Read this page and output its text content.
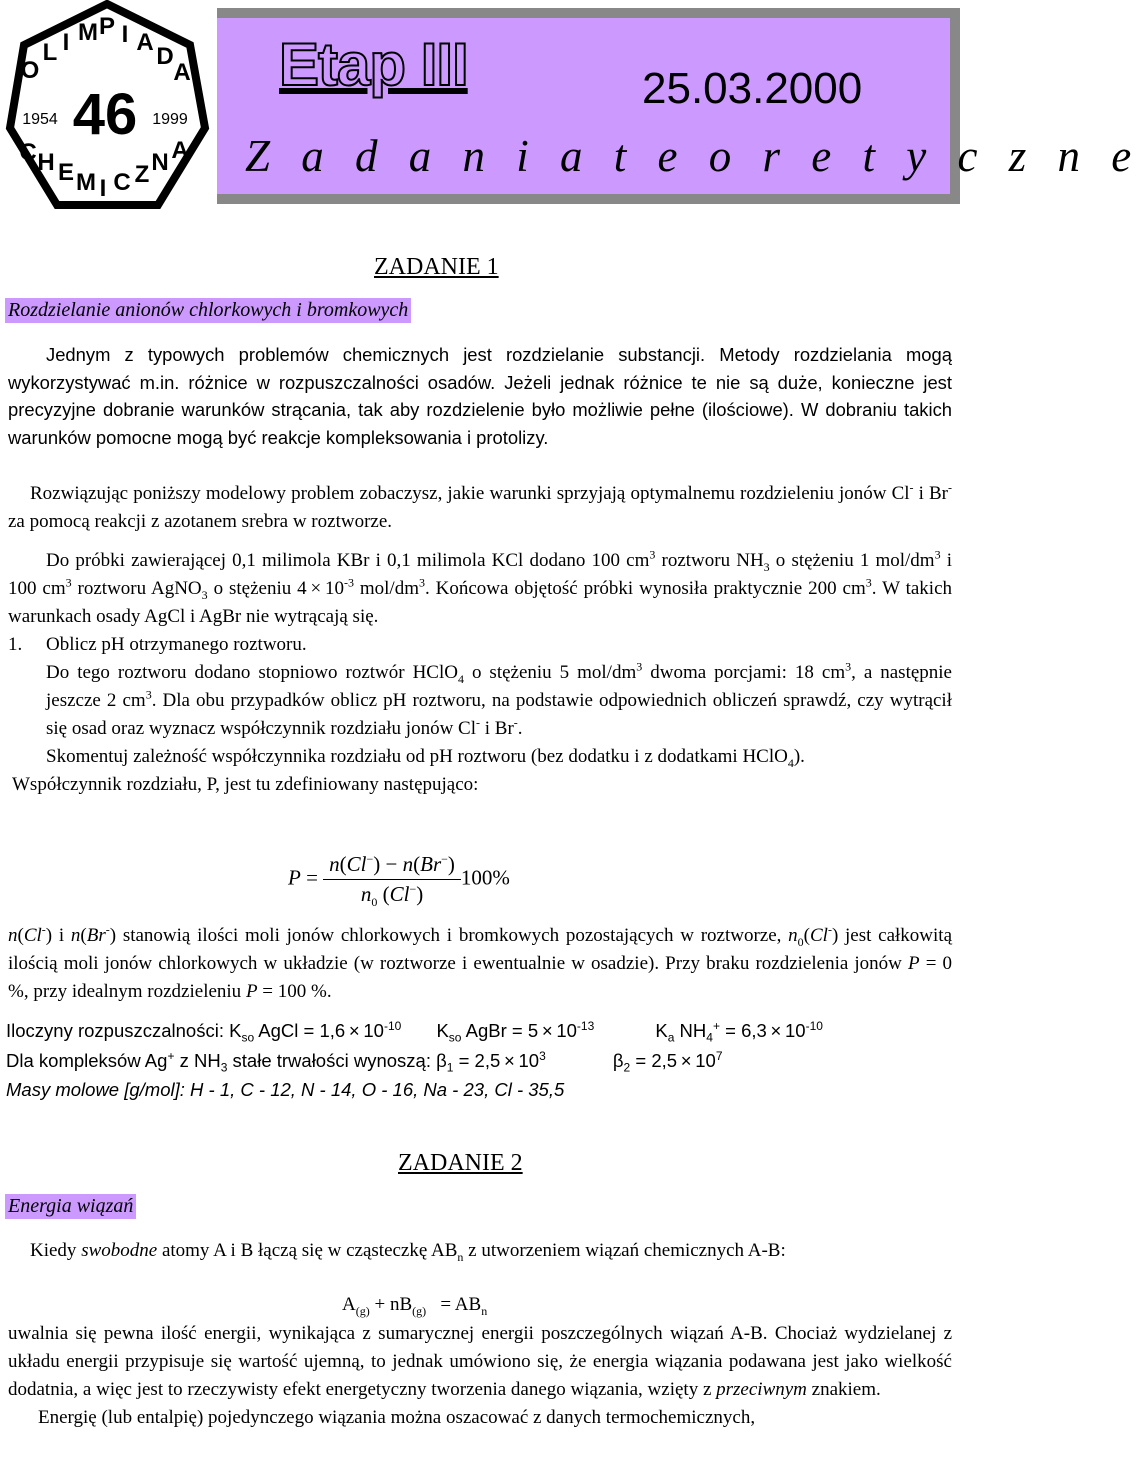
O
L I M P I A
D
A
1954	1999
46
C H E M I C Z N A
Etap III	25.03.2000
Z a d a n i a t e o r e t y c z n e
ZADANIE 1
Rozdzielanie anionów chlorkowych i bromkowych

Jednym z typowych problemów chemicznych jest rozdzielanie substancji. Metody rozdzielania mogą wykorzystywać m.in. różnice w rozpuszczalności osadów. Jeżeli jednak różnice te nie są duże, konieczne jest precyzyjne dobranie warunków strącania, tak aby rozdzielenie było możliwie pełne (ilościowe). W dobraniu takich warunków pomocne mogą być reakcje kompleksowania i protolizy.

Rozwiązując poniższy modelowy problem zobaczysz, jakie warunki sprzyjają optymalnemu rozdzieleniu jonów Cl- i Br- za pomocą reakcji z azotanem srebra w roztworze.

Do próbki zawierającej 0,1 milimola KBr i 0,1 milimola KCl dodano 100 $cm^3$ roztworu $NH_3$ o stężeniu 1 mol/$dm^3$ i 100 $cm^3$ roztworu AgNO$_3$ o stężeniu $4 \times 10^{-3}$ mol/$dm^3$. Końcowa objętość próbki wynosiła praktycznie 200 $cm^3$. W takich warunkach osady AgCl i AgBr nie wytrącają się.

1. Oblicz pH otrzymanego roztworu.

Do tego roztworu dodano stopniowo roztwór HClO$_4$ o stężeniu 5 mol/$dm^3$ dwoma porcjami: 18 $cm^3$, a następnie jeszcze 2 $cm^3$. Dla obu przypadków oblicz pH roztworu, na podstawie odpowiednich obliczeń sprawdź, czy wytrącił się osad oraz wyznacz współczynnik rozdziału jonów Cl- i Br-.

Skomentuj zależność współczynnika rozdziału od pH roztworu (bez dodatku i z dodatkami HClO$_4$).

Współczynnik rozdziału, P, jest tu zdefiniowany następująco:

$P = \frac{n(Cl^-) - n(Br^-)}{n_0 (Cl^-)} 100\%$

n(Cl-) i n(Br-) stanowią ilości moli jonów chlorkowych i bromkowych pozostających w roztworze, $n_0(Cl^-)$ jest całkowitą ilością moli jonów chlorkowych w układzie (w roztworze i ewentualnie w osadzie). Przy braku rozdzielenia jonów P = 0 %, przy idealnym rozdzieleniu P = 100 %.

Iloczyny rozpuszczalności: $K_{so}$ AgCl = $1,6 \times 10^{-10}$ $K_{so}$ AgBr = $5 \times 10^{-13}$	$K_a$ $NH_4^+ = 6,3 \times 10^{-10}$
Dla kompleksów Ag+ z $NH_3$ stałe trwałości wynoszą: $\beta_1 = 2,5 \times 10^3$	$\beta_2 = 2,5 \times 10^7$
Masy molowe [g/mol]: H - 1, C - 12, N - 14, O - 16, Na - 23, Cl - 35,5
ZADANIE 2
Energia wiązań

Kiedy swobodne atomy A i B łączą się w cząsteczkę $AB_n$ z utworzeniem wiązań chemicznych A-B:

$A_{(g)} + nB_{(g)} = AB_n$

uwalnia się pewna ilość energii, wynikająca z sumarycznej energii poszczególnych wiązań A-B. Chociaż wydzielanej z układu energii przypisuje się wartość ujemną, to jednak umówiono się, że energia wiązania podawana jest jako wielkość dodatnia, a więc jest to rzeczywisty efekt energetyczny tworzenia danego wiązania, wzięty z przeciwnym znakiem.

Energię (lub entalpię) pojedynczego wiązania można oszacować z danych termochemicznych,
